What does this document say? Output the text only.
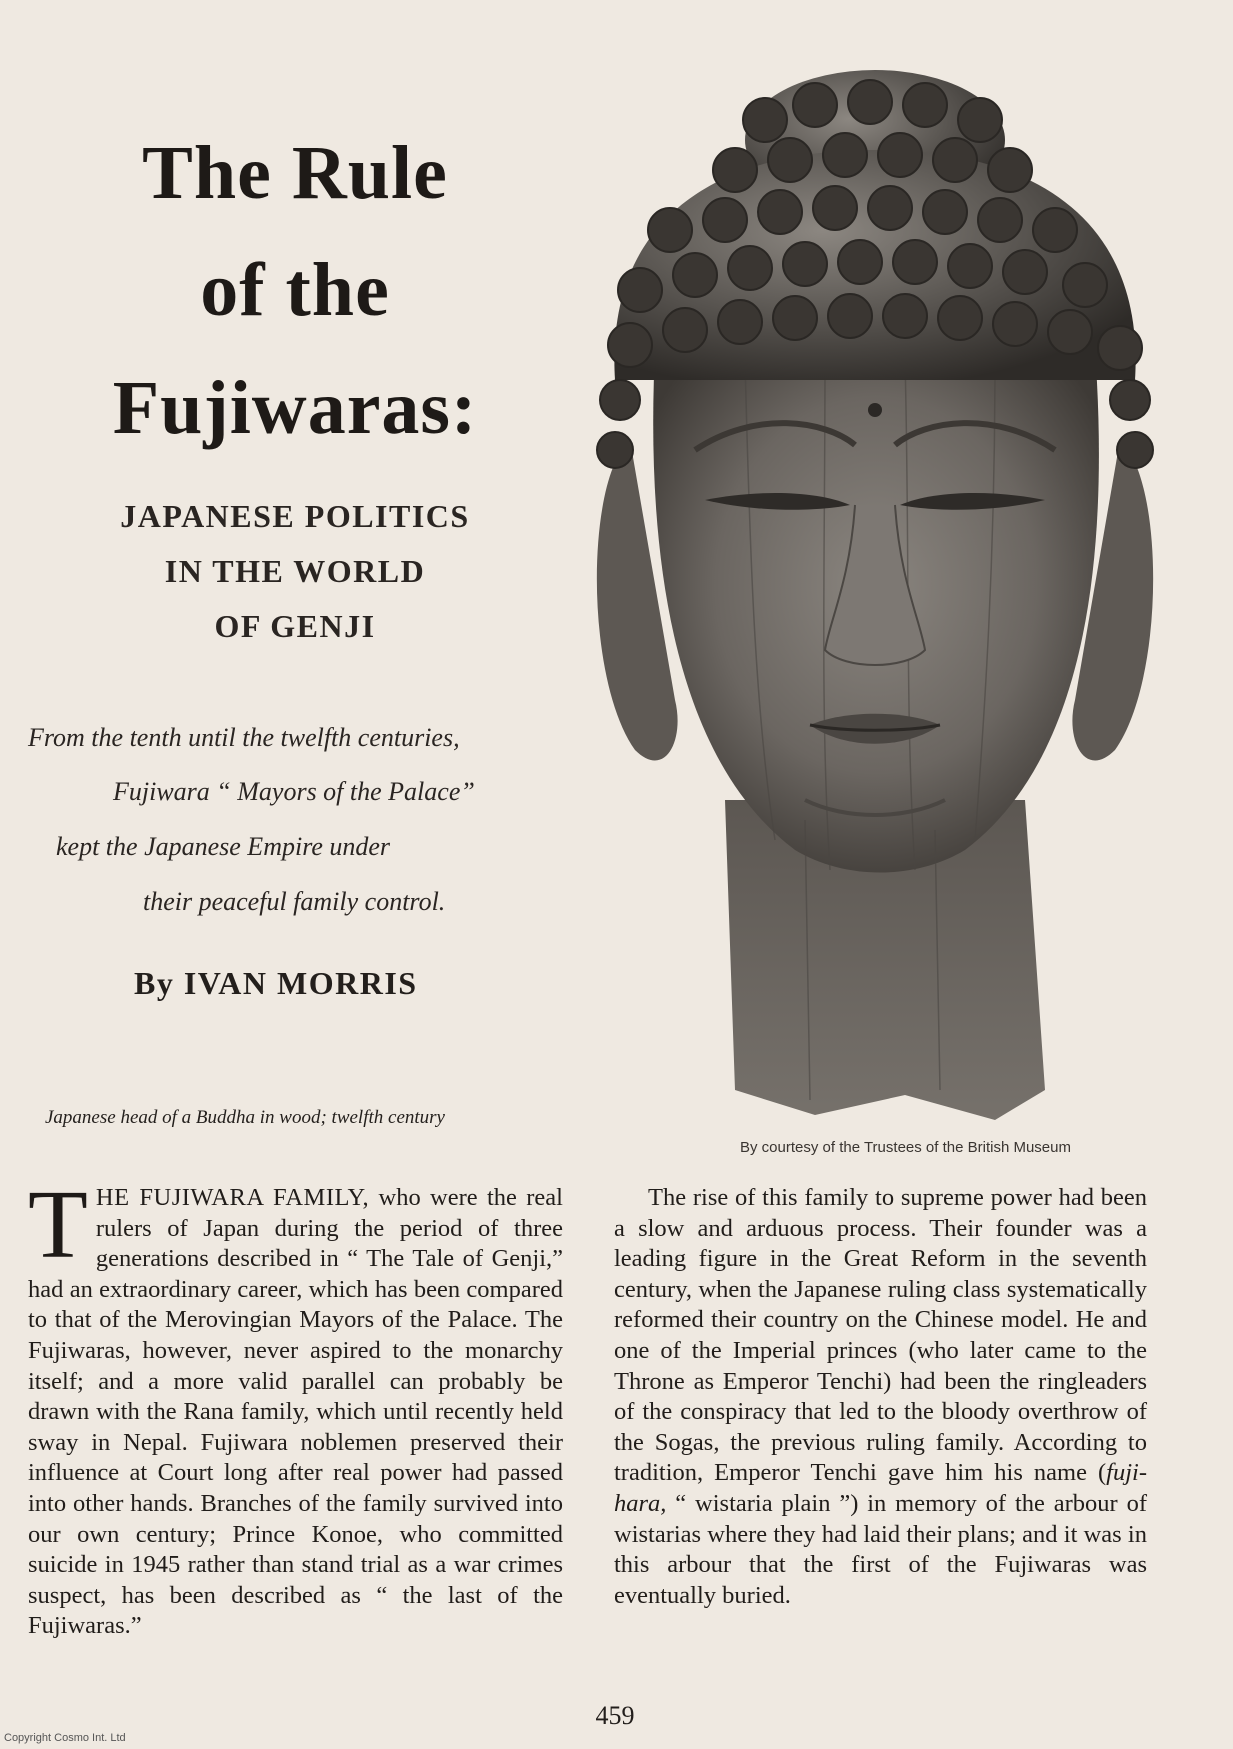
The Rule
of the
Fujiwaras:
JAPANESE POLITICS
IN THE WORLD
OF GENJI
From the tenth until the twelfth centuries,
Fujiwara “ Mayors of the Palace”
kept the Japanese Empire under
their peaceful family control.
By IVAN MORRIS
Japanese head of a Buddha in wood; twelfth century
By courtesy of the Trustees of the British Museum
THE FUJIWARA FAMILY, who were the real rulers of Japan during the period of three generations described in “ The Tale of Genji,” had an extraordinary career, which has been compared to that of the Merovingian Mayors of the Palace. The Fujiwaras, however, never aspired to the monarchy itself; and a more valid parallel can probably be drawn with the Rana family, which until recently held sway in Nepal. Fujiwara noblemen preserved their influence at Court long after real power had passed into other hands. Branches of the family survived into our own century; Prince Konoe, who committed suicide in 1945 rather than stand trial as a war crimes suspect, has been described as “ the last of the Fujiwaras.”
The rise of this family to supreme power had been a slow and arduous process. Their founder was a leading figure in the Great Reform in the seventh century, when the Japanese ruling class systematically reformed their country on the Chinese model. He and one of the Imperial princes (who later came to the Throne as Emperor Tenchi) had been the ringleaders of the conspiracy that led to the bloody overthrow of the Sogas, the previous ruling family. According to tradition, Emperor Tenchi gave him his name (fuji-hara, “ wistaria plain ”) in memory of the arbour of wistarias where they had laid their plans; and it was in this arbour that the first of the Fujiwaras was eventually buried.
459
Copyright Cosmo Int. Ltd
